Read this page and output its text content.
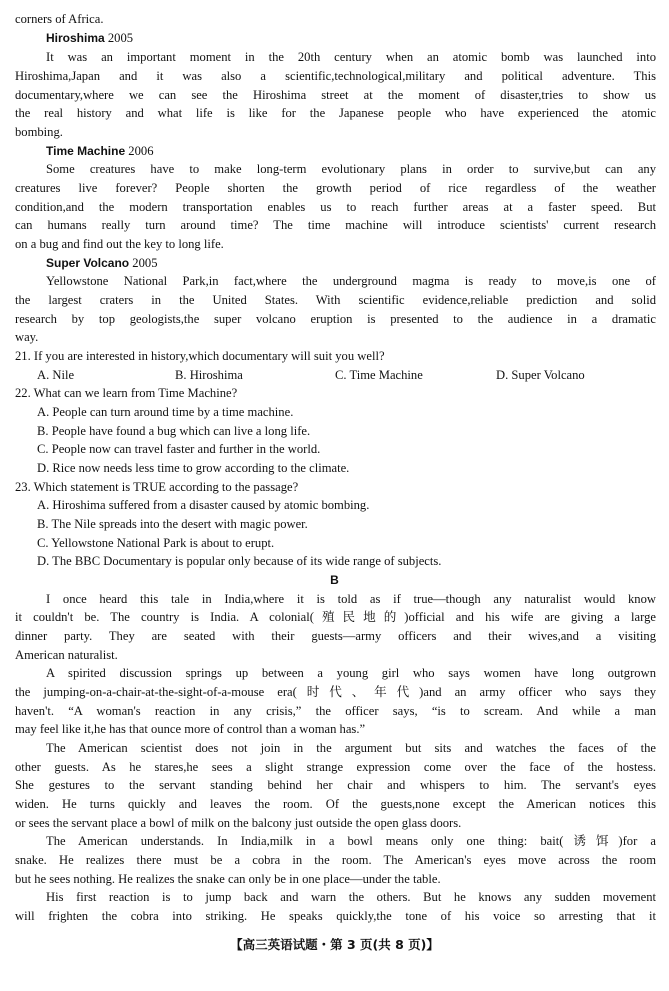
corners of Africa.
Hiroshima 2005
It was an important moment in the 20th century when an atomic bomb was launched into
Hiroshima,Japan and it was also a scientific,technological,military and political adventure. This
documentary,where we can see the Hiroshima street at the moment of disaster,tries to show us
the real history and what life is like for the Japanese people who have experienced the atomic
bombing.
Time Machine 2006
Some creatures have to make long-term evolutionary plans in order to survive,but can any
creatures live forever? People shorten the growth period of rice regardless of the weather
condition,and the modern transportation enables us to reach further areas at a faster speed. But
can humans really turn around time? The time machine will introduce scientists' current research
on a bug and find out the key to long life.
Super Volcano 2005
Yellowstone National Park,in fact,where the underground magma is ready to move,is one of
the largest craters in the United States. With scientific evidence,reliable prediction and solid
research by top geologists,the super volcano eruption is presented to the audience in a dramatic
way.
21. If you are interested in history,which documentary will suit you well?
A. Nile	B. Hiroshima	C. Time Machine	D. Super Volcano
22. What can we learn from Time Machine?
A. People can turn around time by a time machine.
B. People have found a bug which can live a long life.
C. People now can travel faster and further in the world.
D. Rice now needs less time to grow according to the climate.
23. Which statement is TRUE according to the passage?
A. Hiroshima suffered from a disaster caused by atomic bombing.
B. The Nile spreads into the desert with magic power.
C. Yellowstone National Park is about to erupt.
D. The BBC Documentary is popular only because of its wide range of subjects.
B
I once heard this tale in India,where it is told as if true—though any naturalist would know
it couldn't be. The country is India. A colonial(殖民地的)official and his wife are giving a large
dinner party. They are seated with their guests—army officers and their wives,and a visiting
American naturalist.
A spirited discussion springs up between a young girl who says women have long outgrown
the jumping-on-a-chair-at-the-sight-of-a-mouse era(时代、年代)and an army officer who says they
haven't. “A woman's reaction in any crisis,” the officer says, “is to scream. And while a man
may feel like it,he has that ounce more of control than a woman has.”
The American scientist does not join in the argument but sits and watches the faces of the
other guests. As he stares,he sees a slight strange expression come over the face of the hostess.
She gestures to the servant standing behind her chair and whispers to him. The servant's eyes
widen. He turns quickly and leaves the room. Of the guests,none except the American notices this
or sees the servant place a bowl of milk on the balcony just outside the open glass doors.
The American understands. In India,milk in a bowl means only one thing: bait(诱饵)for a
snake. He realizes there must be a cobra in the room. The American's eyes move across the room
but he sees nothing. He realizes the snake can only be in one place—under the table.
His first reaction is to jump back and warn the others. But he knows any sudden movement
will frighten the cobra into striking. He speaks quickly,the tone of his voice so arresting that it
【高三英语试题・第 3 页(共 8 页)】
